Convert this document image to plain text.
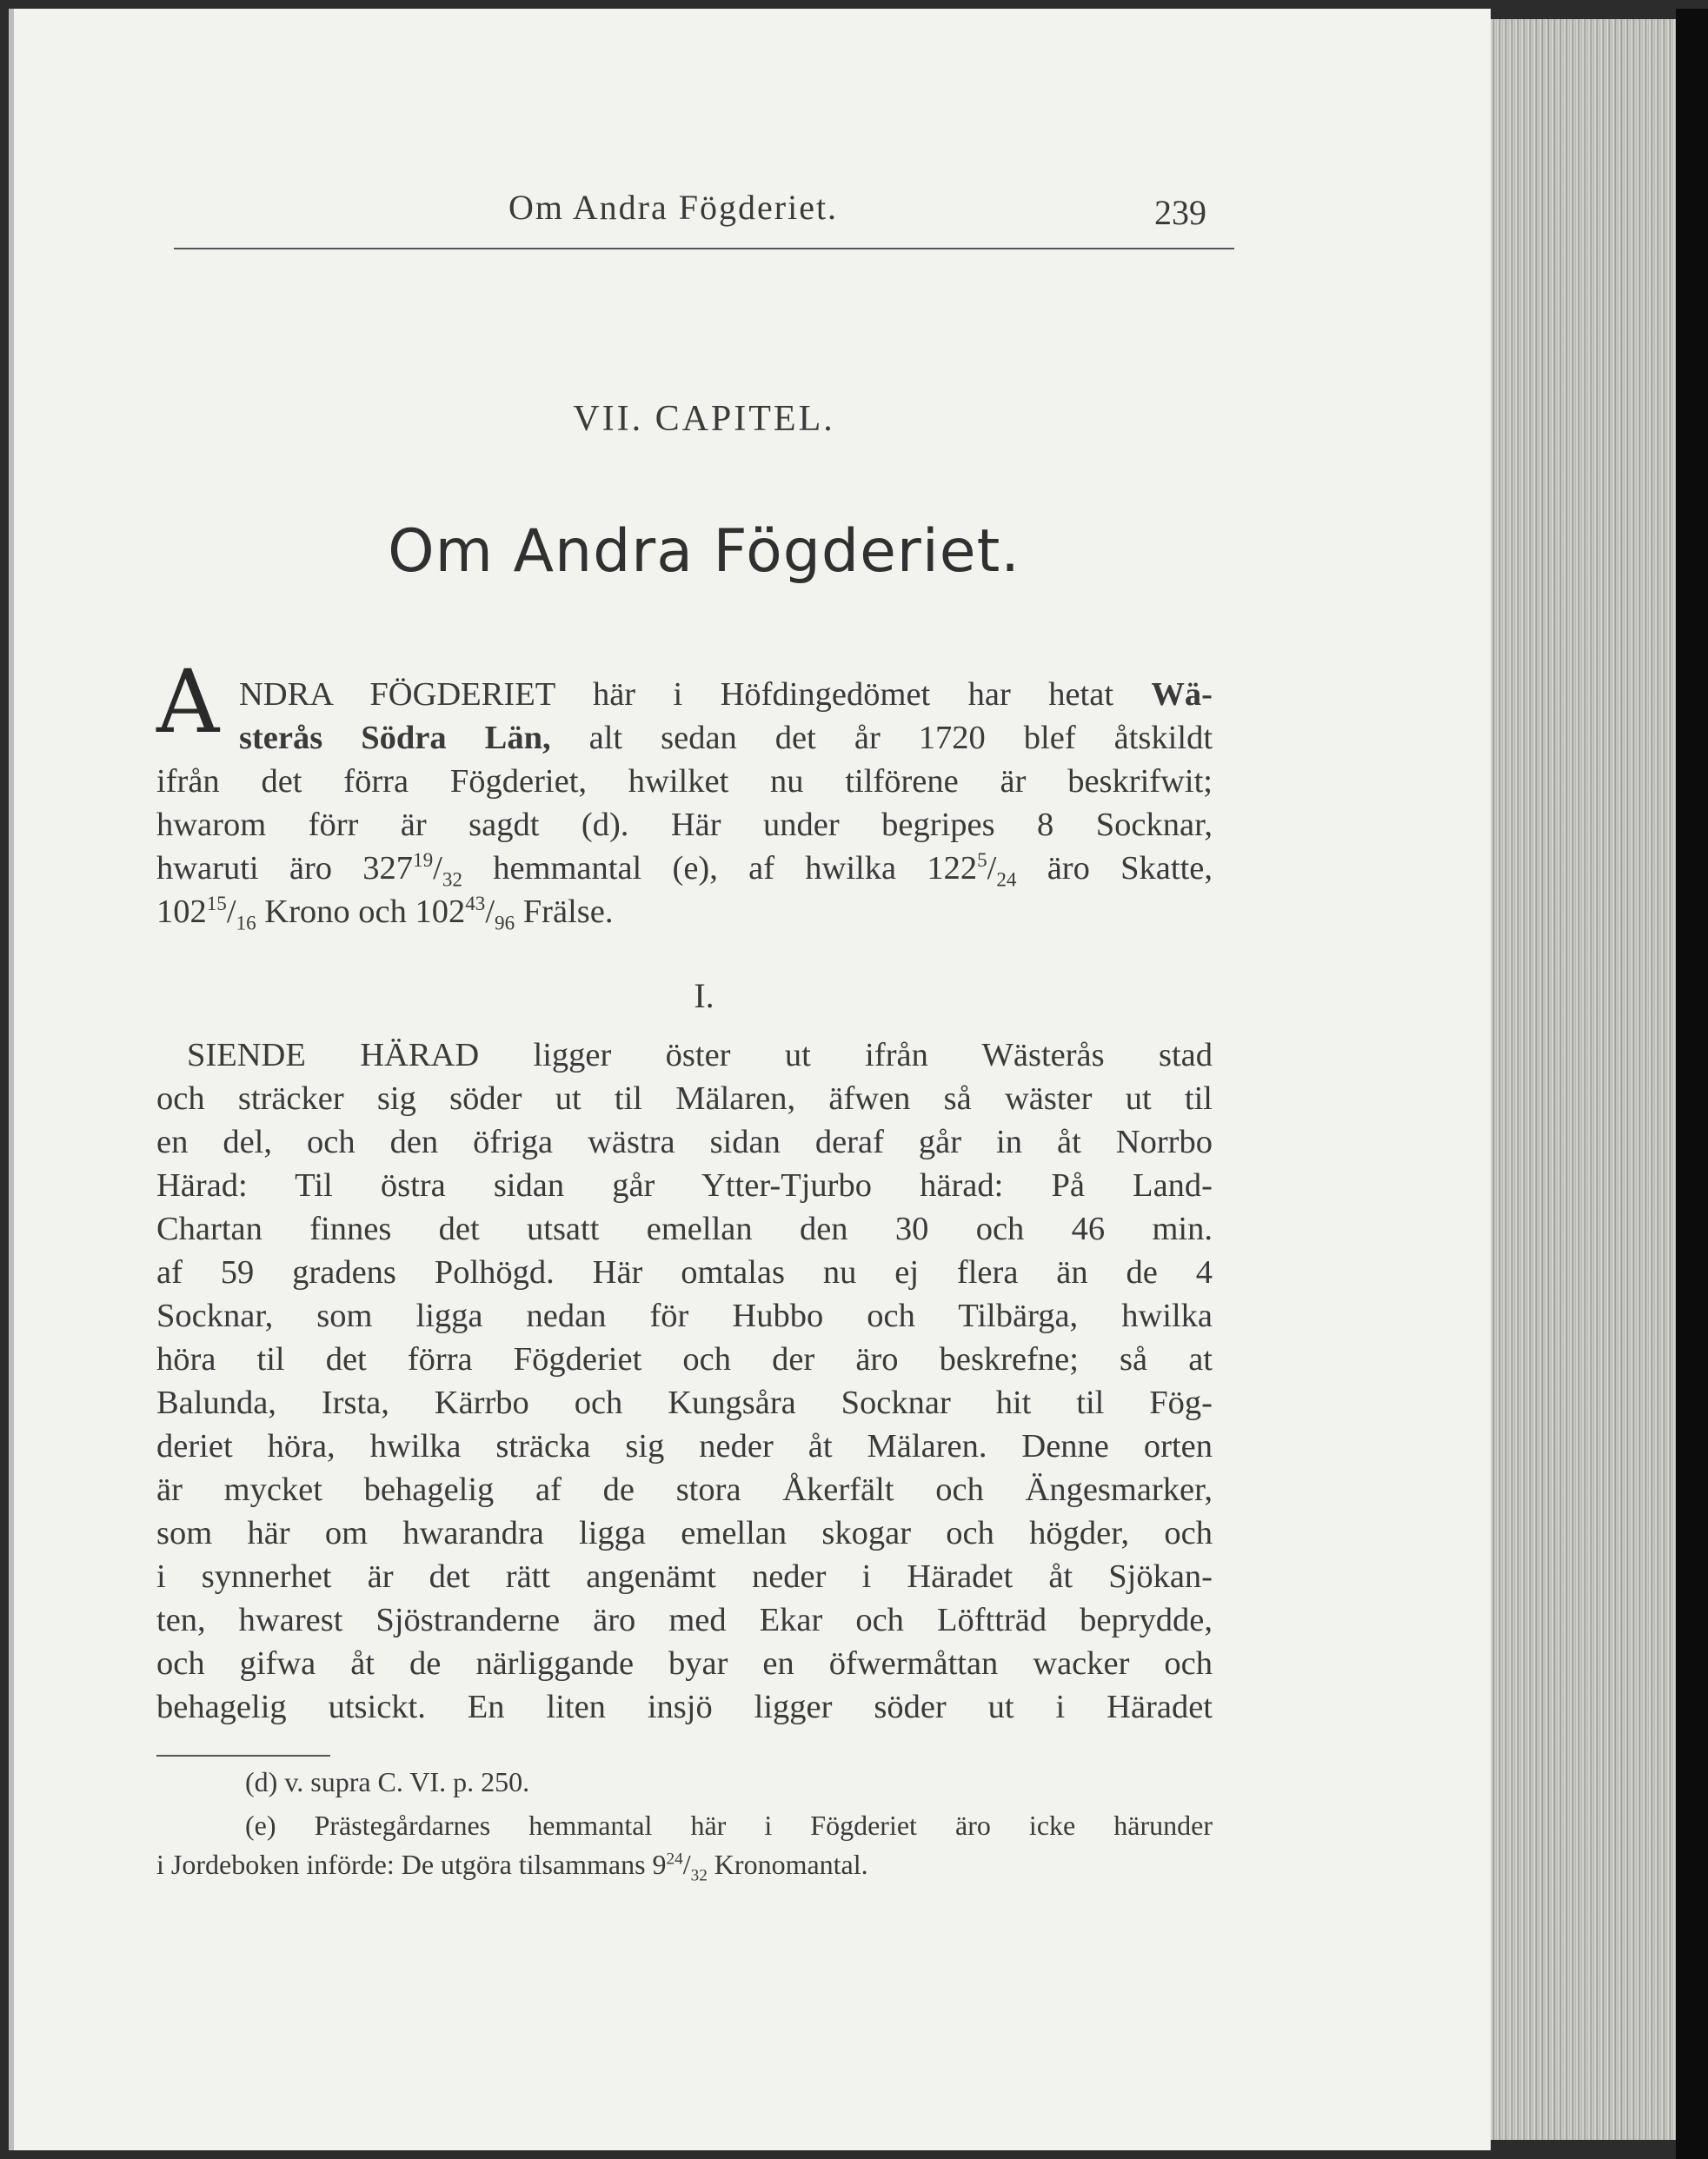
Om Andra Fögderiet.	239
VII. CAPITEL.
Om Andra Fögderiet.
A NDRA FÖGDERIET här i Höfdingedömet har hetat Wä-
sterås Södra Län, alt sedan det år 1720 blef åtskildt
ifrån det förra Fögderiet, hwilket nu tilförene är beskrifwit;
hwarom förr är sagdt (d). Här under begripes 8 Socknar,
hwaruti äro $327^{19}/_{32}$ hemmantal (e), af hwilka $122^5/_{24}$ äro Skatte,
$102^{15}/_{16}$ Krono och $102^{43}/_{96}$ Frälse.
I.
SIENDE HÄRAD ligger öster ut ifrån Wästerås stad
och sträcker sig söder ut til Mälaren, äfwen så wäster ut til
en del, och den öfriga wästra sidan deraf går in åt Norrbo
Härad: Til östra sidan går Ytter-Tjurbo härad: På Land-
Chartan finnes det utsatt emellan den 30 och 46 min.
af 59 gradens Polhögd. Här omtalas nu ej flera än de 4
Socknar, som ligga nedan för Hubbo och Tilbärga, hwilka
höra til det förra Fögderiet och der äro beskrefne; så at
Balunda, Irsta, Kärrbo och Kungsåra Socknar hit til Fög-
deriet höra, hwilka sträcka sig neder åt Mälaren. Denne orten
är mycket behagelig af de stora Åkerfält och Ängesmarker,
som här om hwarandra ligga emellan skogar och högder, och
i synnerhet är det rätt angenämt neder i Häradet åt Sjökan-
ten, hwarest Sjöstranderne äro med Ekar och Löftträd beprydde,
och gifwa åt de närliggande byar en öfwermåttan wacker och
behagelig utsickt. En liten insjö ligger söder ut i Häradet
(d) v. supra C. VI. p. 250.
(e) Prästegårdarnes hemmantal här i Fögderiet äro icke härunder
i Jordeboken införde: De utgöra tilsammans $9^{24}/_{32}$ Kronomantal.
